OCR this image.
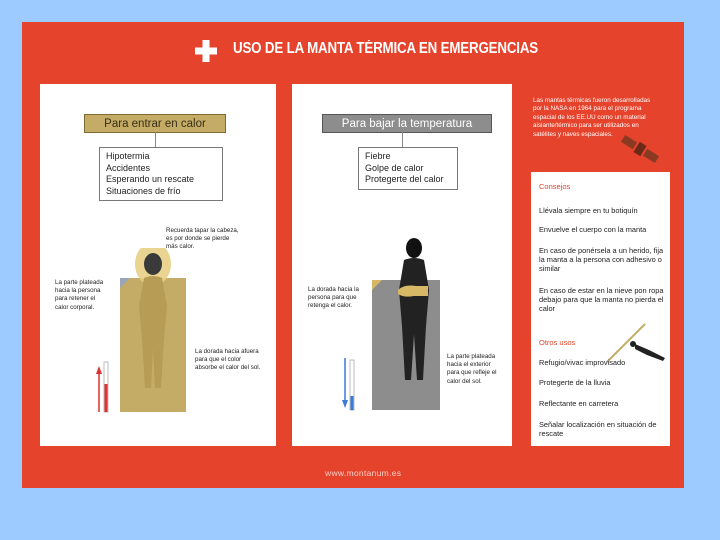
USO DE LA MANTA TÉRMICA EN EMERGENCIAS
Las mantas térmicas fueron desarrolladas
por la NASA en 1964 para el programa
espacial de los EE.UU como un material
aislante/térmico para ser utilizados en
satélites y naves espaciales.
Para entrar en calor
Hipotermia
Accidentes
Esperando un rescate
Situaciones de frío
Recuerda tapar la cabeza,
es por donde se pierde
más calor.
La parte plateada
hacia la persona
para retener el
calor corporal.
La dorada hacia afuera
para que el color
absorbe el calor del sol.
Para bajar la temperatura
Fiebre
Golpe de calor
Protegerte del calor
La dorada hacia la
persona para que
retenga el calor.
La parte plateada
hacia el exterior
para que refleje el
calor del sol.
Consejos
Llévala siempre en tu botiquín
Envuelve el cuerpo con la manta
En caso de ponérsela a un herido, fija la manta a la persona con adhesivo o similar
En caso de estar en la nieve pon ropa debajo para que la manta no pierda el calor
Otros usos
Refugio/vivac improvisado
Protegerte de la lluvia
Reflectante en carretera
Señalar localización en situación de rescate
www.montanum.es
